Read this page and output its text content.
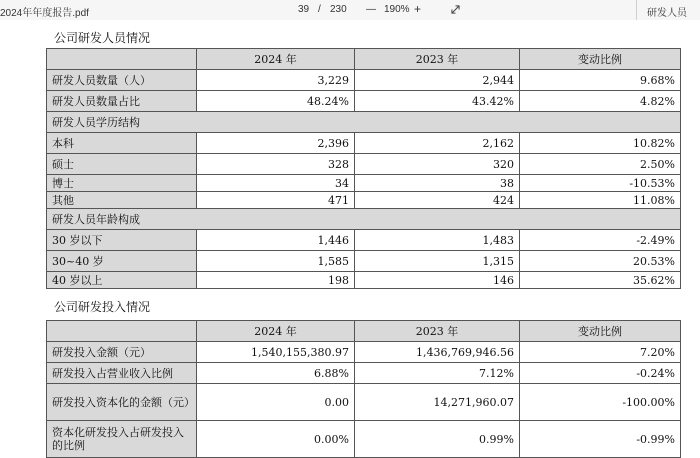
2024年年度报告.pdf	39 / 230 — 190% +	研发人员
公司研发人员情况
	2024 年	2023 年	变动比例
研发人员数量（人）	3,229	2,944	9.68%
研发人员数量占比	48.24%	43.42%	4.82%
研发人员学历结构			
本科	2,396	2,162	10.82%
硕士	328	320	2.50%
博士	34	38	-10.53%
其他	471	424	11.08%
研发人员年龄构成			
30 岁以下	1,446	1,483	-2.49%
30~40 岁	1,585	1,315	20.53%
40 岁以上	198	146	35.62%
公司研发投入情况
	2024 年	2023 年	变动比例
研发投入金额（元）	1,540,155,380.97	1,436,769,946.56	7.20%
研发投入占营业收入比例	6.88%	7.12%	-0.24%
研发投入资本化的金额（元）	0.00	14,271,960.07	-100.00%
资本化研发投入占研发投入的比例	0.00%	0.99%	-0.99%
